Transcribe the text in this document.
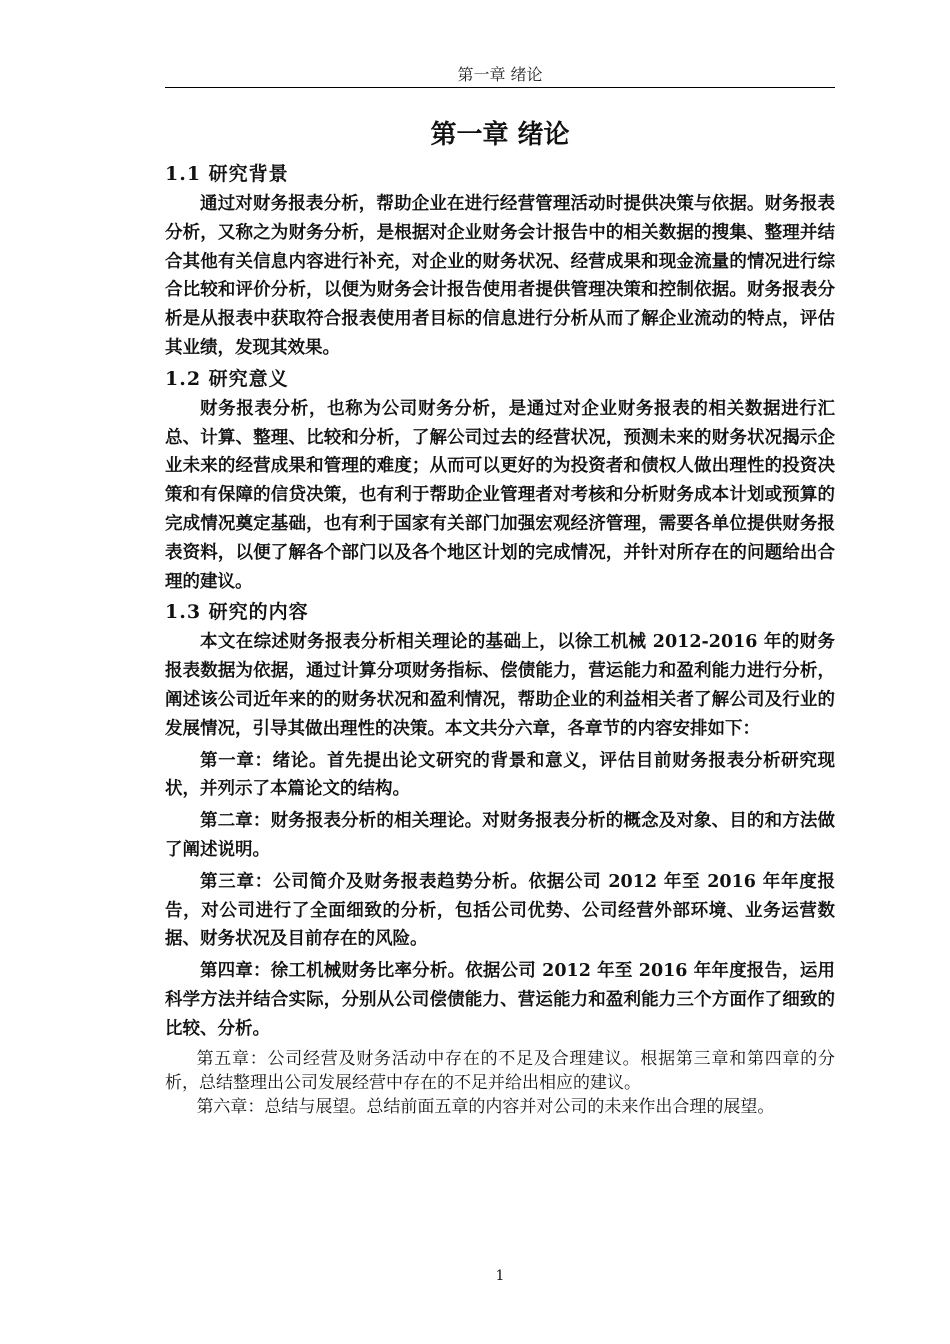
第一章 绪论
第一章 绪论
1.1 研究背景

通过对财务报表分析，帮助企业在进行经营管理活动时提供决策与依据。财务报表分析，又称之为财务分析，是根据对企业财务会计报告中的相关数据的搜集、整理并结合其他有关信息内容进行补充，对企业的财务状况、经营成果和现金流量的情况进行综合比较和评价分析，以便为财务会计报告使用者提供管理决策和控制依据。财务报表分析是从报表中获取符合报表使用者目标的信息进行分析从而了解企业流动的特点，评估其业绩，发现其效果。

1.2 研究意义

财务报表分析，也称为公司财务分析，是通过对企业财务报表的相关数据进行汇总、计算、整理、比较和分析，了解公司过去的经营状况，预测未来的财务状况揭示企业未来的经营成果和管理的难度；从而可以更好的为投资者和债权人做出理性的投资决策和有保障的信贷决策，也有利于帮助企业管理者对考核和分析财务成本计划或预算的完成情况奠定基础，也有利于国家有关部门加强宏观经济管理，需要各单位提供财务报表资料，以便了解各个部门以及各个地区计划的完成情况，并针对所存在的问题给出合理的建议。

1.3 研究的内容

本文在综述财务报表分析相关理论的基础上，以徐工机械 2012-2016 年的财务报表数据为依据，通过计算分项财务指标、偿债能力，营运能力和盈利能力进行分析，阐述该公司近年来的的财务状况和盈利情况，帮助企业的利益相关者了解公司及行业的发展情况，引导其做出理性的决策。本文共分六章，各章节的内容安排如下：

第一章：绪论。首先提出论文研究的背景和意义，评估目前财务报表分析研究现状，并列示了本篇论文的结构。

第二章：财务报表分析的相关理论。对财务报表分析的概念及对象、目的和方法做了阐述说明。

第三章：公司简介及财务报表趋势分析。依据公司 2012 年至 2016 年年度报告，对公司进行了全面细致的分析，包括公司优势、公司经营外部环境、业务运营数据、财务状况及目前存在的风险。

第四章：徐工机械财务比率分析。依据公司 2012 年至 2016 年年度报告，运用科学方法并结合实际，分别从公司偿债能力、营运能力和盈利能力三个方面作了细致的比较、分析。

第五章：公司经营及财务活动中存在的不足及合理建议。根据第三章和第四章的分析，总结整理出公司发展经营中存在的不足并给出相应的建议。

第六章：总结与展望。总结前面五章的内容并对公司的未来作出合理的展望。

1
